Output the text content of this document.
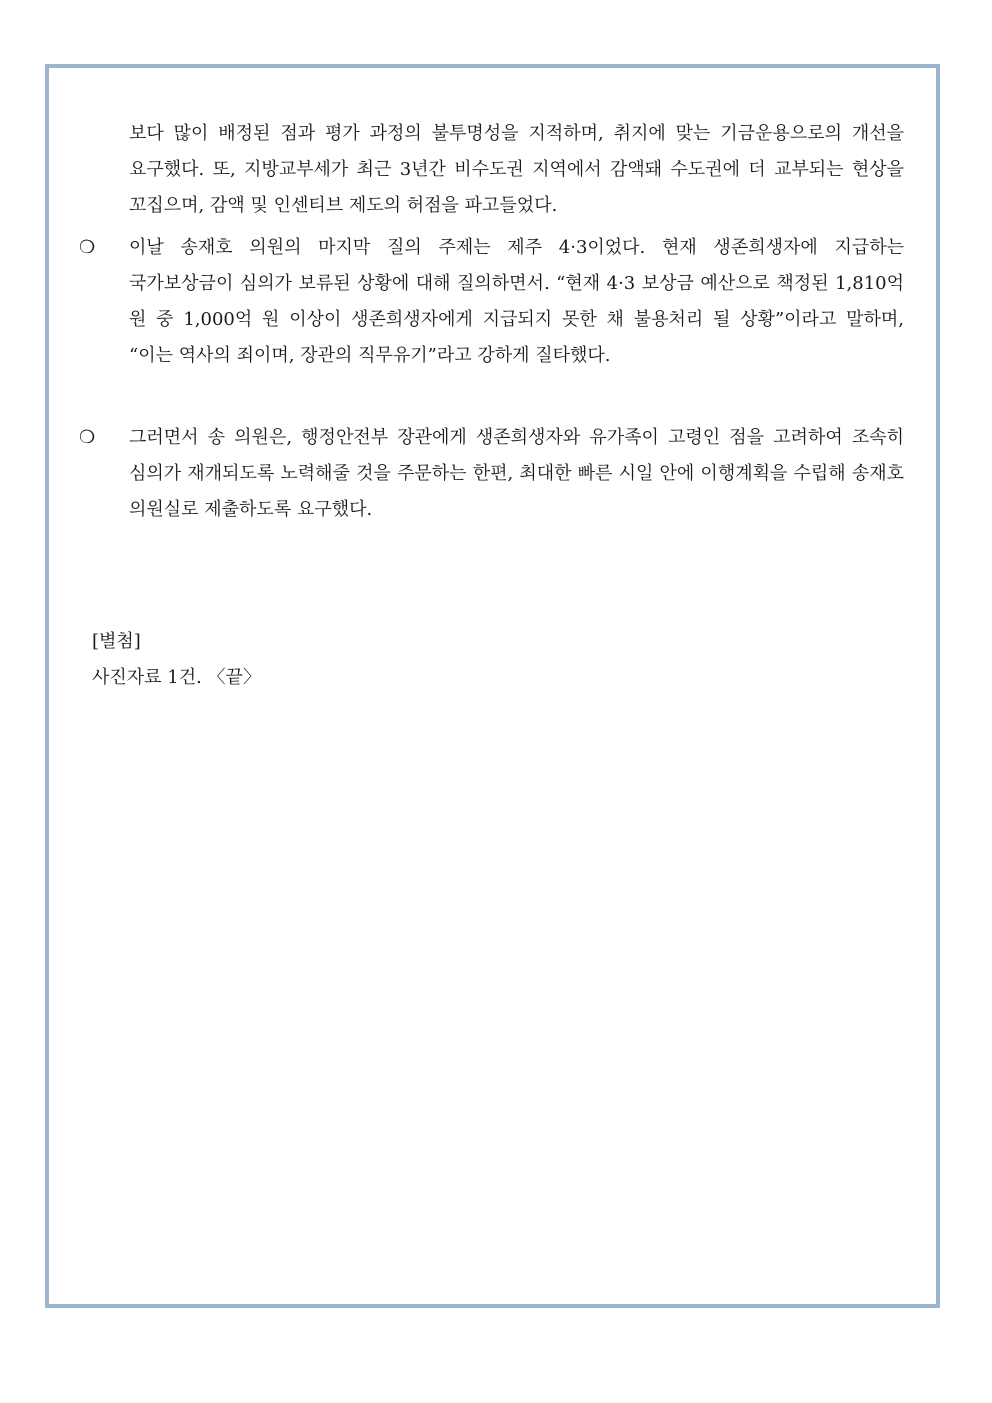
보다 많이 배정된 점과 평가 과정의 불투명성을 지적하며, 취지에 맞는 기금운용으로의 개선을 요구했다. 또, 지방교부세가 최근 3년간 비수도권 지역에서 감액돼 수도권에 더 교부되는 현상을 꼬집으며, 감액 및 인센티브 제도의 허점을 파고들었다.

❍	이날 송재호 의원의 마지막 질의 주제는 제주 4·3이었다. 현재 생존희생자에 지급하는 국가보상금이 심의가 보류된 상황에 대해 질의하면서. “현재 4·3 보상금 예산으로 책정된 1,810억 원 중 1,000억 원 이상이 생존희생자에게 지급되지 못한 채 불용처리 될 상황”이라고 말하며, “이는 역사의 죄이며, 장관의 직무유기”라고 강하게 질타했다.
❍	그러면서 송 의원은, 행정안전부 장관에게 생존희생자와 유가족이 고령인 점을 고려하여 조속히 심의가 재개되도록 노력해줄 것을 주문하는 한편, 최대한 빠른 시일 안에 이행계획을 수립해 송재호 의원실로 제출하도록 요구했다.
[별첨]
사진자료 1건. 〈끝〉
